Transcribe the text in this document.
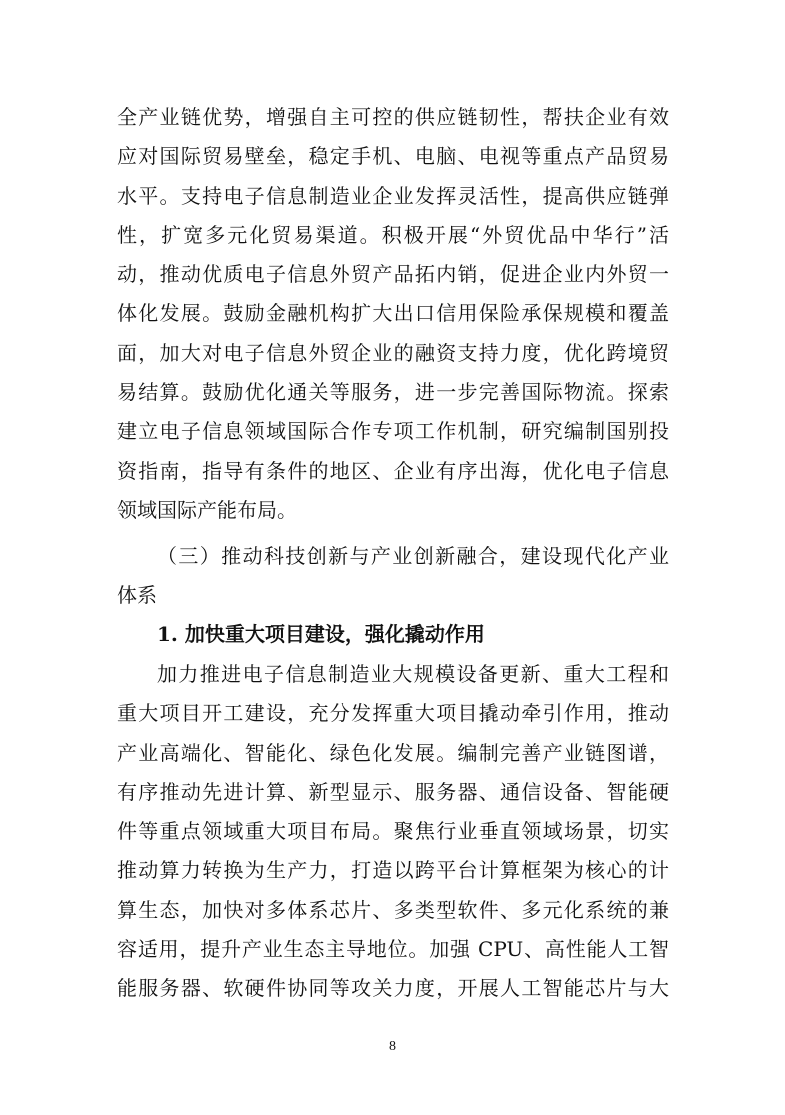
全产业链优势，增强自主可控的供应链韧性，帮扶企业有效
应对国际贸易壁垒，稳定手机、电脑、电视等重点产品贸易
水平。支持电子信息制造业企业发挥灵活性，提高供应链弹
性，扩宽多元化贸易渠道。积极开展“外贸优品中华行”活
动，推动优质电子信息外贸产品拓内销，促进企业内外贸一
体化发展。鼓励金融机构扩大出口信用保险承保规模和覆盖
面，加大对电子信息外贸企业的融资支持力度，优化跨境贸
易结算。鼓励优化通关等服务，进一步完善国际物流。探索
建立电子信息领域国际合作专项工作机制，研究编制国别投
资指南，指导有条件的地区、企业有序出海，优化电子信息
领域国际产能布局。
（三）推动科技创新与产业创新融合，建设现代化产业
体系
1. 加快重大项目建设，强化撬动作用
加力推进电子信息制造业大规模设备更新、重大工程和
重大项目开工建设，充分发挥重大项目撬动牵引作用，推动
产业高端化、智能化、绿色化发展。编制完善产业链图谱，
有序推动先进计算、新型显示、服务器、通信设备、智能硬
件等重点领域重大项目布局。聚焦行业垂直领域场景，切实
推动算力转换为生产力，打造以跨平台计算框架为核心的计
算生态，加快对多体系芯片、多类型软件、多元化系统的兼
容适用，提升产业生态主导地位。加强 CPU、高性能人工智
能服务器、软硬件协同等攻关力度，开展人工智能芯片与大
8
